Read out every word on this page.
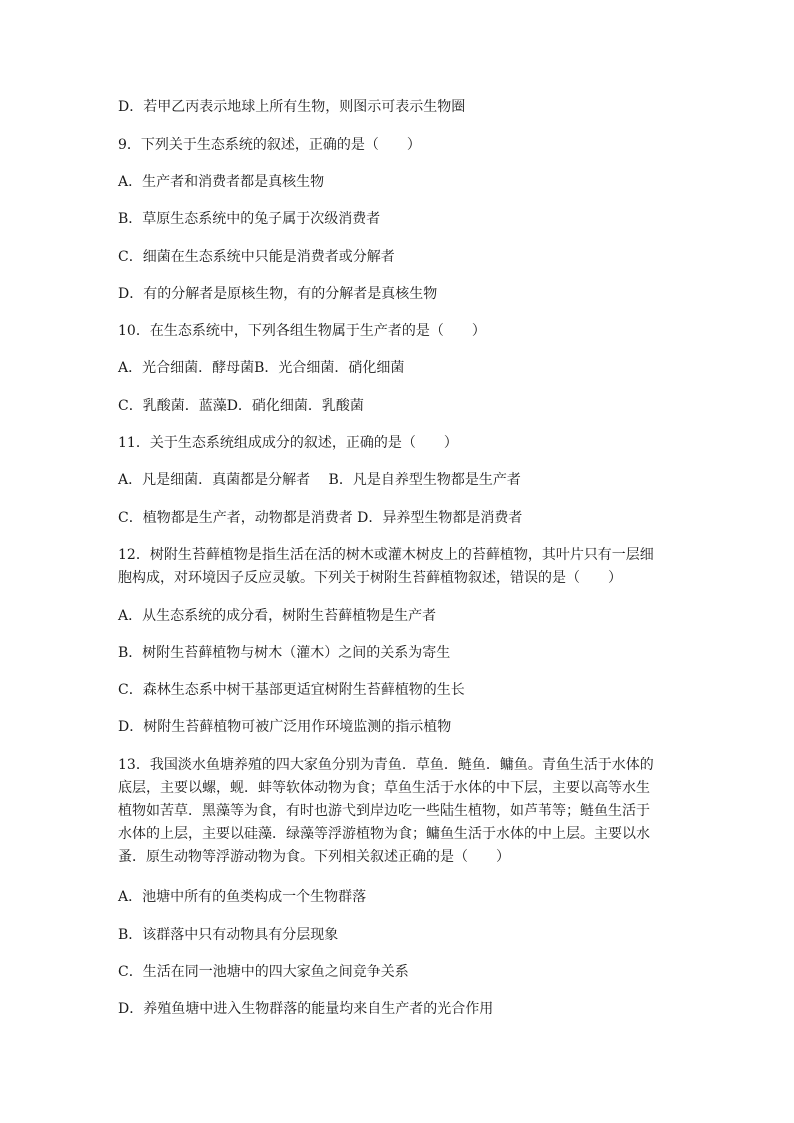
D．若甲乙丙表示地球上所有生物，则图示可表示生物圈
9．下列关于生态系统的叙述，正确的是（　　）
A．生产者和消费者都是真核生物
B．草原生态系统中的兔子属于次级消费者
C．细菌在生态系统中只能是消费者或分解者
D．有的分解者是原核生物，有的分解者是真核生物
10．在生态系统中，下列各组生物属于生产者的是（　　）
A．光合细菌．酵母菌B．光合细菌．硝化细菌
C．乳酸菌．蓝藻D．硝化细菌．乳酸菌
11．关于生态系统组成成分的叙述，正确的是（　　）
A．凡是细菌．真菌都是分解者　 B．凡是自养型生物都是生产者
C．植物都是生产者，动物都是消费者 D．异养型生物都是消费者
12．树附生苔藓植物是指生活在活的树木或灌木树皮上的苔藓植物，其叶片只有一层细
胞构成，对环境因子反应灵敏。下列关于树附生苔藓植物叙述，错误的是（　　）
A．从生态系统的成分看，树附生苔藓植物是生产者
B．树附生苔藓植物与树木（灌木）之间的关系为寄生
C．森林生态系中树干基部更适宜树附生苔藓植物的生长
D．树附生苔藓植物可被广泛用作环境监测的指示植物
13．我国淡水鱼塘养殖的四大家鱼分别为青鱼．草鱼．鲢鱼．鳙鱼。青鱼生活于水体的
底层，主要以螺，蚬．蚌等软体动物为食；草鱼生活于水体的中下层，主要以高等水生
植物如苦草．黑藻等为食，有时也游弋到岸边吃一些陆生植物，如芦苇等；鲢鱼生活于
水体的上层，主要以硅藻．绿藻等浮游植物为食；鳙鱼生活于水体的中上层。主要以水
蚤．原生动物等浮游动物为食。下列相关叙述正确的是（　　）
A．池塘中所有的鱼类构成一个生物群落
B．该群落中只有动物具有分层现象
C．生活在同一池塘中的四大家鱼之间竞争关系
D．养殖鱼塘中进入生物群落的能量均来自生产者的光合作用
